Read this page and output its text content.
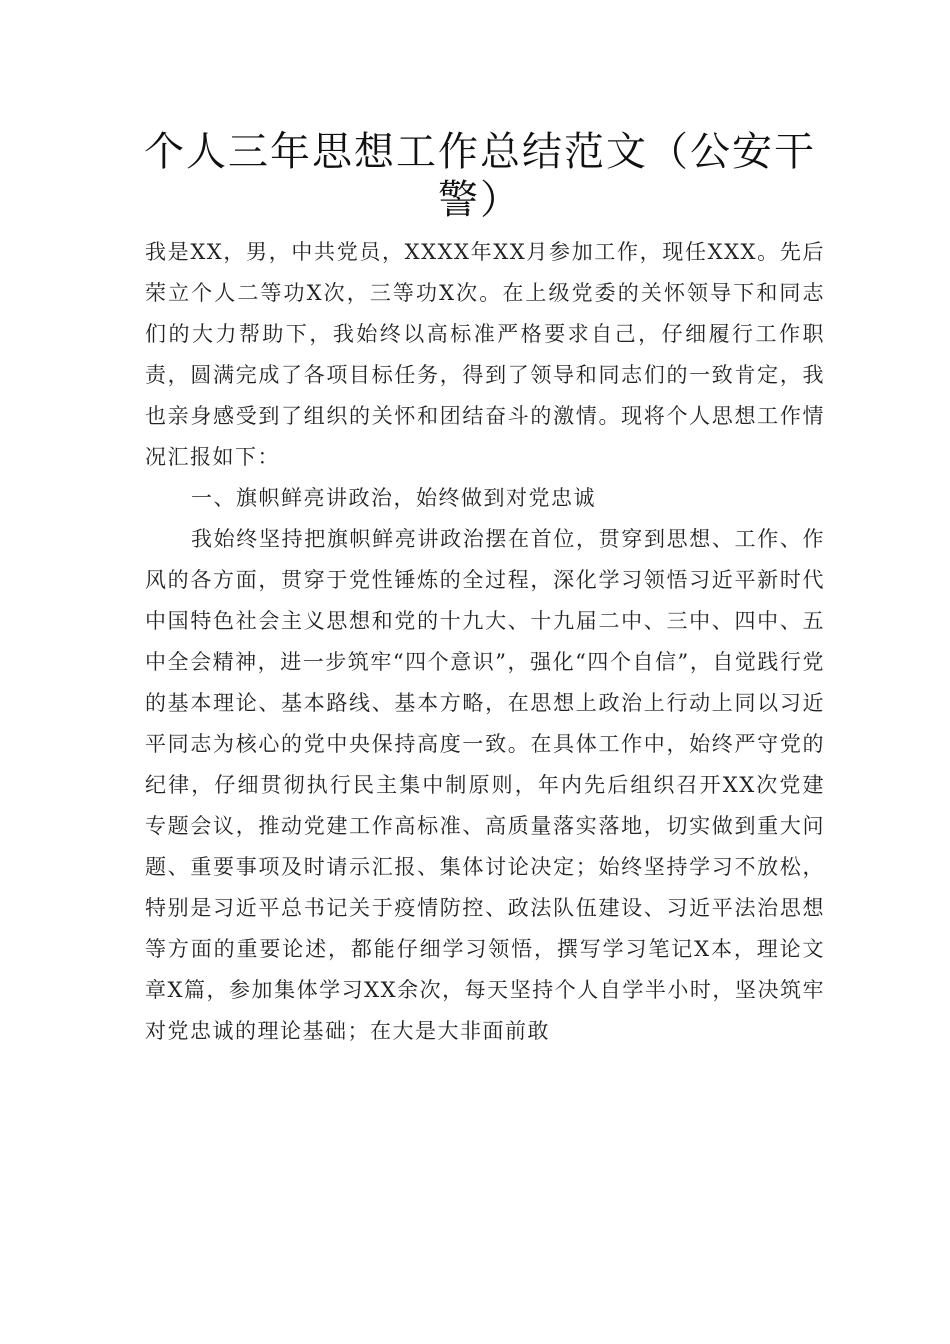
个人三年思想工作总结范文（公安干警）

我是XX，男，中共党员，XXXX年XX月参加工作，现任XXX。先后荣立个人二等功X次，三等功X次。在上级党委的关怀领导下和同志们的大力帮助下，我始终以高标准严格要求自己，仔细履行工作职责，圆满完成了各项目标任务，得到了领导和同志们的一致肯定，我也亲身感受到了组织的关怀和团结奋斗的激情。现将个人思想工作情况汇报如下：

一、旗帜鲜亮讲政治，始终做到对党忠诚

我始终坚持把旗帜鲜亮讲政治摆在首位，贯穿到思想、工作、作风的各方面，贯穿于党性锤炼的全过程，深化学习领悟习近平新时代中国特色社会主义思想和党的十九大、十九届二中、三中、四中、五中全会精神，进一步筑牢“四个意识”，强化“四个自信”，自觉践行党的基本理论、基本路线、基本方略，在思想上政治上行动上同以习近平同志为核心的党中央保持高度一致。在具体工作中，始终严守党的纪律，仔细贯彻执行民主集中制原则，年内先后组织召开XX次党建专题会议，推动党建工作高标准、高质量落实落地，切实做到重大问题、重要事项及时请示汇报、集体讨论决定；始终坚持学习不放松，特别是习近平总书记关于疫情防控、政法队伍建设、习近平法治思想等方面的重要论述，都能仔细学习领悟，撰写学习笔记X本，理论文章X篇，参加集体学习XX余次，每天坚持个人自学半小时，坚决筑牢对党忠诚的理论基础；在大是大非面前敢
